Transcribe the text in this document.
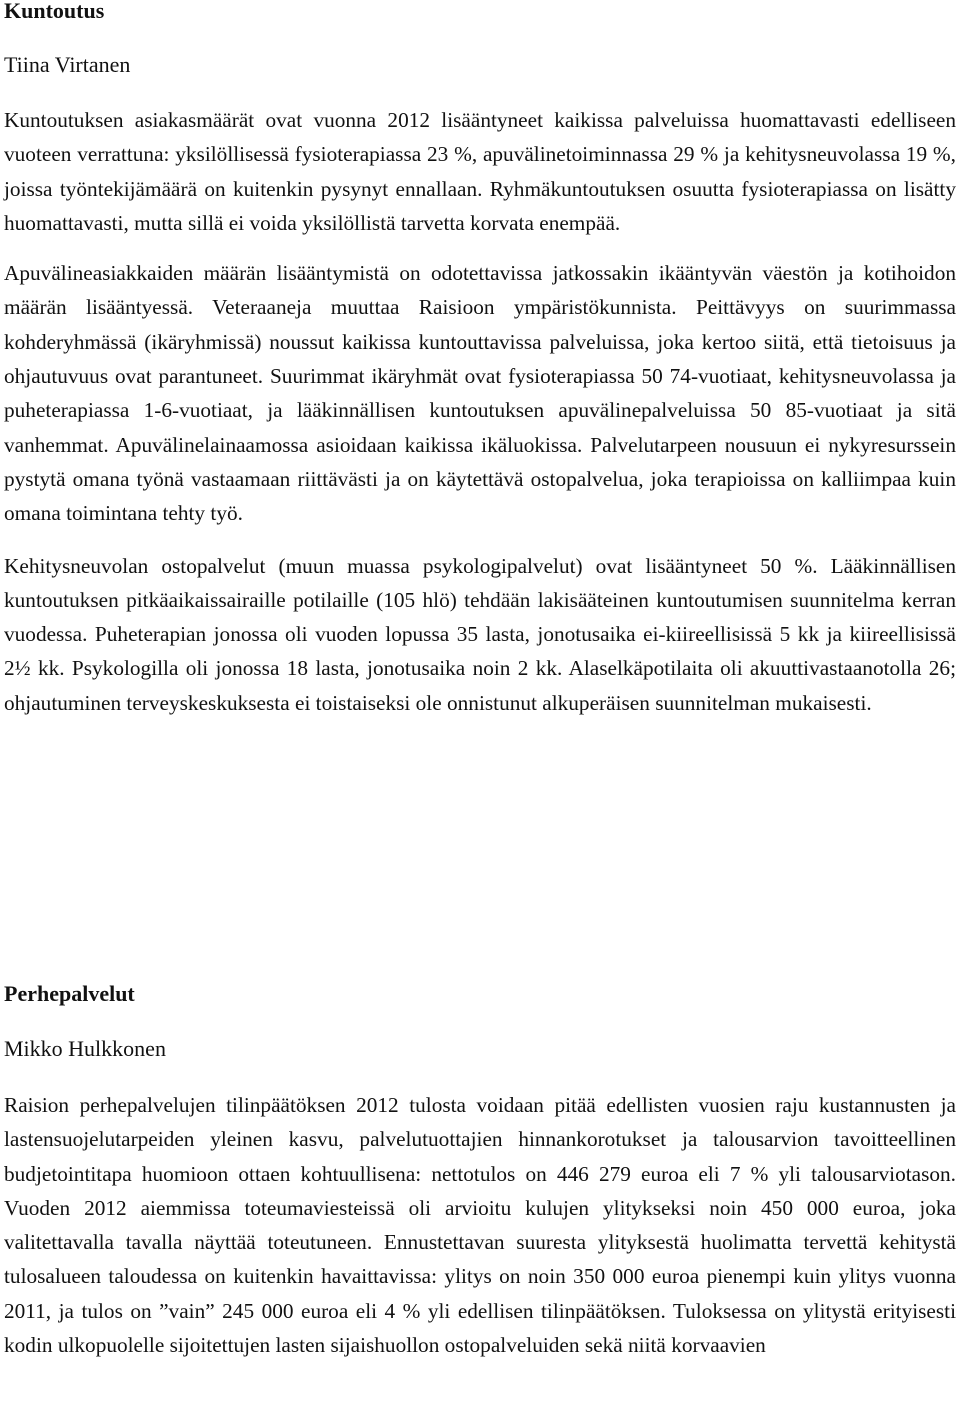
Kuntoutus

Tiina Virtanen

Kuntoutuksen asiakasmäärät ovat vuonna 2012 lisääntyneet kaikissa palveluissa huomattavasti edelliseen vuoteen verrattuna: yksilöllisessä fysioterapiassa 23 %, apuvälinetoiminnassa 29 % ja kehitysneuvolassa 19 %, joissa työntekijämäärä on kuitenkin pysynyt ennallaan. Ryhmäkuntoutuksen osuutta fysioterapiassa on lisätty huomattavasti, mutta sillä ei voida yksilöllistä tarvetta korvata enempää.

Apuvälineasiakkaiden määrän lisääntymistä on odotettavissa jatkossakin ikääntyvän väestön ja kotihoidon määrän lisääntyessä. Veteraaneja muuttaa Raisioon ympäristökunnista. Peittävyys on suurimmassa kohderyhmässä (ikäryhmissä) noussut kaikissa kuntouttavissa palveluissa, joka kertoo siitä, että tietoisuus ja ohjautuvuus ovat parantuneet. Suurimmat ikäryhmät ovat fysioterapiassa 50 74-vuotiaat, kehitysneuvolassa ja puheterapiassa 1-6-vuotiaat, ja lääkinnällisen kuntoutuksen apuvälinepalveluissa 50 85-vuotiaat ja sitä vanhemmat. Apuvälinelainaamossa asioidaan kaikissa ikäluokissa. Palvelutarpeen nousuun ei nykyresurssein pystytä omana työnä vastaamaan riittävästi ja on käytettävä ostopalvelua, joka terapioissa on kalliimpaa kuin omana toimintana tehty työ.

Kehitysneuvolan ostopalvelut (muun muassa psykologipalvelut) ovat lisääntyneet 50 %. Lääkinnällisen kuntoutuksen pitkäaikaissairaille potilaille (105 hlö) tehdään lakisääteinen kuntoutumisen suunnitelma kerran vuodessa. Puheterapian jonossa oli vuoden lopussa 35 lasta, jonotusaika ei-kiireellisissä 5 kk ja kiireellisissä 2½ kk. Psykologilla oli jonossa 18 lasta, jonotusaika noin 2 kk. Alaselkäpotilaita oli akuuttivastaanotolla 26; ohjautuminen terveyskeskuksesta ei toistaiseksi ole onnistunut alkuperäisen suunnitelman mukaisesti.

Perhepalvelut

Mikko Hulkkonen

Raision perhepalvelujen tilinpäätöksen 2012 tulosta voidaan pitää edellisten vuosien raju kustannusten ja lastensuojelutarpeiden yleinen kasvu, palvelutuottajien hinnankorotukset ja talousarvion tavoitteellinen budjetointitapa huomioon ottaen kohtuullisena: nettotulos on 446 279 euroa eli 7 % yli talousarviotason. Vuoden 2012 aiemmissa toteumaviesteissä oli arvioitu kulujen ylitykseksi noin 450 000 euroa, joka valitettavalla tavalla näyttää toteutuneen. Ennustettavan suuresta ylityksestä huolimatta tervettä kehitystä tulosalueen taloudessa on kuitenkin havaittavissa: ylitys on noin 350 000 euroa pienempi kuin ylitys vuonna 2011, ja tulos on ”vain” 245 000 euroa eli 4 % yli edellisen tilinpäätöksen. Tuloksessa on ylitystä erityisesti kodin ulkopuolelle sijoitettujen lasten sijaishuollon ostopalveluiden sekä niitä korvaavien
